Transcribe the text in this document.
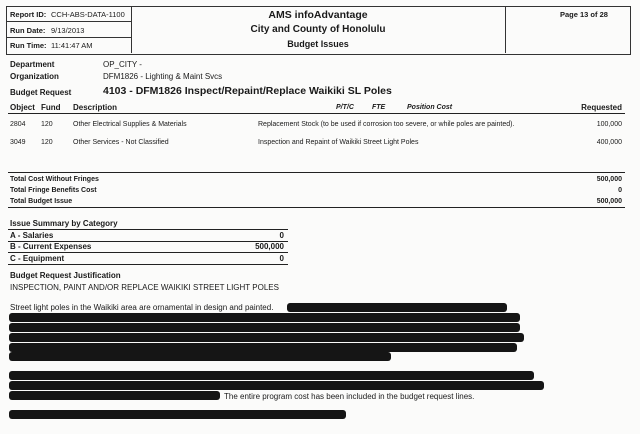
Report ID: CCH-ABS-DATA-1100
Run Date: 9/13/2013
Run Time: 11:41:47 AM
AMS infoAdvantage
City and County of Honolulu
Budget Issues
Page 13 of 28
Department	OP_CITY -
Organization	DFM1826 - Lighting & Maint Svcs
Budget Request	4103 - DFM1826 Inspect/Repaint/Replace Waikiki SL Poles
Object Fund Description	P/T/C	FTE	Position Cost	Requested
2804 120	Other Electrical Supplies & Materials	Replacement Stock (to be used if corrosion too severe, or while poles are painted).	100,000
3049 120	Other Services - Not Classified	Inspection and Repaint of Waikiki Street Light Poles	400,000
Total Cost Without Fringes	500,000
Total Fringe Benefits Cost	0
Total Budget Issue	500,000
Issue Summary by Category
A - Salaries	0
B - Current Expenses	500,000
C - Equipment	0
Budget Request Justification
INSPECTION, PAINT AND/OR REPLACE WAIKIKI STREET LIGHT POLES
Street light poles in the Waikiki area are ornamental in design and painted.
The entire program cost has been included in the budget request lines.
